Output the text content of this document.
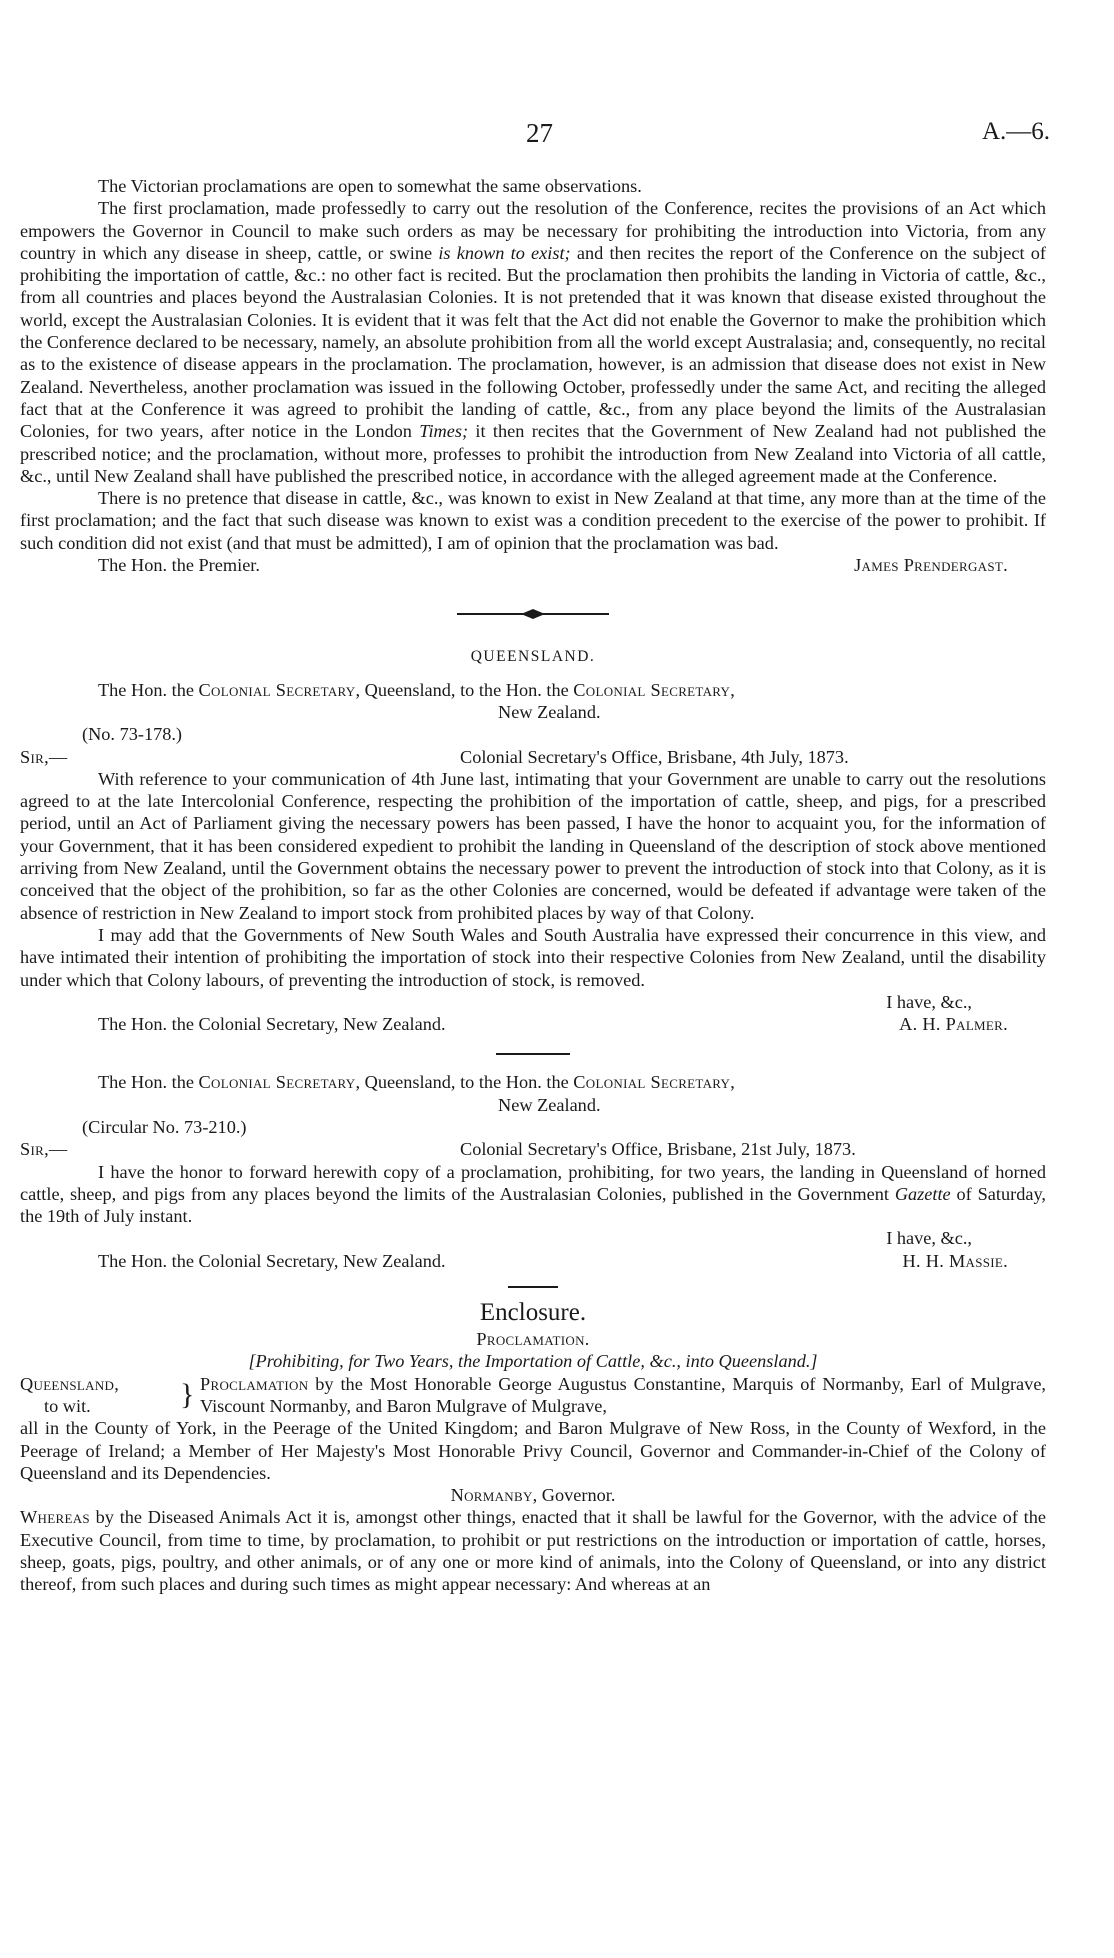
27	A.—6.

The Victorian proclamations are open to somewhat the same observations.

The first proclamation, made professedly to carry out the resolution of the Conference, recites the provisions of an Act which empowers the Governor in Council to make such orders as may be necessary for prohibiting the introduction into Victoria, from any country in which any disease in sheep, cattle, or swine is known to exist; and then recites the report of the Conference on the subject of prohibiting the importation of cattle, &c.: no other fact is recited. But the proclamation then prohibits the landing in Victoria of cattle, &c., from all countries and places beyond the Australasian Colonies. It is not pretended that it was known that disease existed throughout the world, except the Australasian Colonies. It is evident that it was felt that the Act did not enable the Governor to make the prohibition which the Conference declared to be necessary, namely, an absolute prohibition from all the world except Australasia; and, consequently, no recital as to the existence of disease appears in the proclamation. The proclamation, however, is an admission that disease does not exist in New Zealand. Nevertheless, another proclamation was issued in the following October, professedly under the same Act, and reciting the alleged fact that at the Conference it was agreed to prohibit the landing of cattle, &c., from any place beyond the limits of the Australasian Colonies, for two years, after notice in the London Times; it then recites that the Government of New Zealand had not published the prescribed notice; and the proclamation, without more, professes to prohibit the introduction from New Zealand into Victoria of all cattle, &c., until New Zealand shall have published the prescribed notice, in accordance with the alleged agreement made at the Conference.

There is no pretence that disease in cattle, &c., was known to exist in New Zealand at that time, any more than at the time of the first proclamation; and the fact that such disease was known to exist was a condition precedent to the exercise of the power to prohibit. If such condition did not exist (and that must be admitted), I am of opinion that the proclamation was bad.

The Hon. the Premier.	James Prendergast.
QUEENSLAND.
The Hon. the Colonial Secretary, Queensland, to the Hon. the Colonial Secretary,
New Zealand.
(No. 73-178.)
Sir,—	Colonial Secretary's Office, Brisbane, 4th July, 1873.

With reference to your communication of 4th June last, intimating that your Government are unable to carry out the resolutions agreed to at the late Intercolonial Conference, respecting the prohibition of the importation of cattle, sheep, and pigs, for a prescribed period, until an Act of Parliament giving the necessary powers has been passed, I have the honor to acquaint you, for the information of your Government, that it has been considered expedient to prohibit the landing in Queensland of the description of stock above mentioned arriving from New Zealand, until the Government obtains the necessary power to prevent the introduction of stock into that Colony, as it is conceived that the object of the prohibition, so far as the other Colonies are concerned, would be defeated if advantage were taken of the absence of restriction in New Zealand to import stock from prohibited places by way of that Colony.

I may add that the Governments of New South Wales and South Australia have expressed their concurrence in this view, and have intimated their intention of prohibiting the importation of stock into their respective Colonies from New Zealand, until the disability under which that Colony labours, of preventing the introduction of stock, is removed.

I have, &c.,
The Hon. the Colonial Secretary, New Zealand.	A. H. Palmer.
The Hon. the Colonial Secretary, Queensland, to the Hon. the Colonial Secretary,
New Zealand.
(Circular No. 73-210.)
Sir,—	Colonial Secretary's Office, Brisbane, 21st July, 1873.

I have the honor to forward herewith copy of a proclamation, prohibiting, for two years, the landing in Queensland of horned cattle, sheep, and pigs from any places beyond the limits of the Australasian Colonies, published in the Government Gazette of Saturday, the 19th of July instant.

I have, &c.,
The Hon. the Colonial Secretary, New Zealand.	H. H. Massie.
Enclosure.
Proclamation.
[Prohibiting, for Two Years, the Importation of Cattle, &c., into Queensland.]
Queensland,
to wit.	} Proclamation by the Most Honorable George Augustus Constantine, Marquis of Normanby, Earl of Mulgrave, Viscount Normanby, and Baron Mulgrave of Mulgrave,

all in the County of York, in the Peerage of the United Kingdom; and Baron Mulgrave of New Ross, in the County of Wexford, in the Peerage of Ireland; a Member of Her Majesty's Most Honorable Privy Council, Governor and Commander-in-Chief of the Colony of Queensland and its Dependencies.

Normanby, Governor.

Whereas by the Diseased Animals Act it is, amongst other things, enacted that it shall be lawful for the Governor, with the advice of the Executive Council, from time to time, by proclamation, to prohibit or put restrictions on the introduction or importation of cattle, horses, sheep, goats, pigs, poultry, and other animals, or of any one or more kind of animals, into the Colony of Queensland, or into any district thereof, from such places and during such times as might appear necessary: And whereas at an
